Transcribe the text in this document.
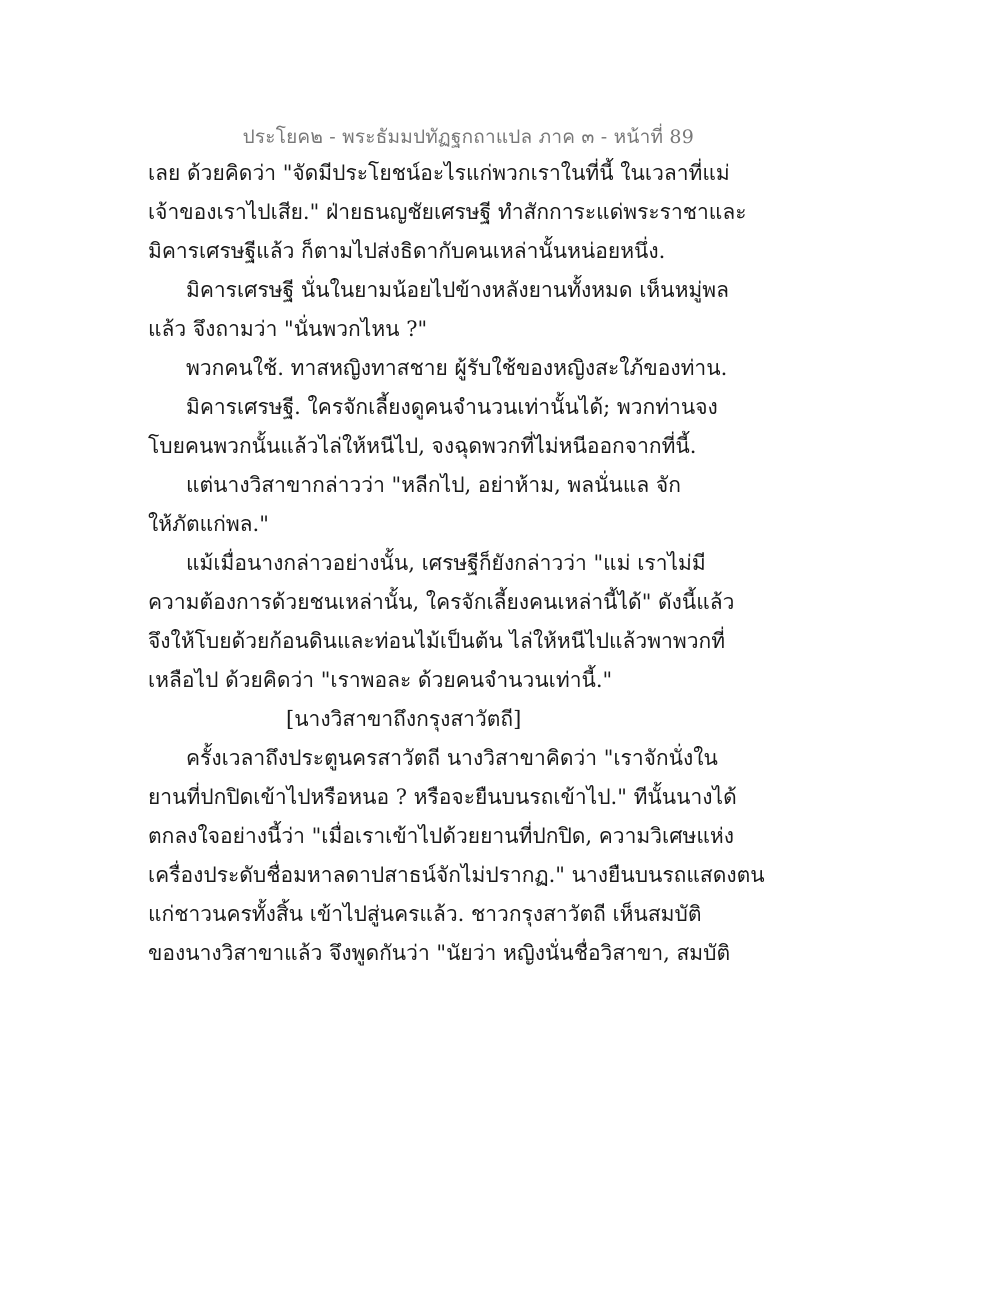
ประโยค๒ - พระธัมมปทัฏฐกถาแปล ภาค ๓ - หน้าที่ 89
เลย ด้วยคิดว่า "จัดมีประโยชน์อะไรแก่พวกเราในที่นี้ ในเวลาที่แม่
เจ้าของเราไปเสีย." ฝ่ายธนญชัยเศรษฐี ทำสักการะแด่พระราชาและ
มิคารเศรษฐีแล้ว ก็ตามไปส่งธิดากับคนเหล่านั้นหน่อยหนึ่ง.
มิคารเศรษฐี นั่นในยามน้อยไปข้างหลังยานทั้งหมด เห็นหมู่พล
แล้ว จึงถามว่า "นั่นพวกไหน ?"
พวกคนใช้. ทาสหญิงทาสชาย ผู้รับใช้ของหญิงสะใภ้ของท่าน.
มิคารเศรษฐี. ใครจักเลี้ยงดูคนจำนวนเท่านั้นได้; พวกท่านจง
โบยคนพวกนั้นแล้วไล่ให้หนีไป, จงฉุดพวกที่ไม่หนีออกจากที่นี้.
แต่นางวิสาขากล่าวว่า "หลีกไป, อย่าห้าม, พลนั่นแล จัก
ให้ภัตแก่พล."
แม้เมื่อนางกล่าวอย่างนั้น, เศรษฐีก็ยังกล่าวว่า "แม่ เราไม่มี
ความต้องการด้วยชนเหล่านั้น, ใครจักเลี้ยงคนเหล่านี้ได้" ดังนี้แล้ว
จึงให้โบยด้วยก้อนดินและท่อนไม้เป็นต้น ไล่ให้หนีไปแล้วพาพวกที่
เหลือไป ด้วยคิดว่า "เราพอละ ด้วยคนจำนวนเท่านี้."
[นางวิสาขาถึงกรุงสาวัตถี]
ครั้งเวลาถึงประตูนครสาวัตถี นางวิสาขาคิดว่า "เราจักนั่งใน
ยานที่ปกปิดเข้าไปหรือหนอ ? หรือจะยืนบนรถเข้าไป." ทีนั้นนางได้
ตกลงใจอย่างนี้ว่า "เมื่อเราเข้าไปด้วยยานที่ปกปิด, ความวิเศษแห่ง
เครื่องประดับชื่อมหาลดาปสาธน์จักไม่ปรากฏ." นางยืนบนรถแสดงตน
แก่ชาวนครทั้งสิ้น เข้าไปสู่นครแล้ว. ชาวกรุงสาวัตถี เห็นสมบัติ
ของนางวิสาขาแล้ว จึงพูดกันว่า "นัยว่า หญิงนั่นชื่อวิสาขา, สมบัติ
